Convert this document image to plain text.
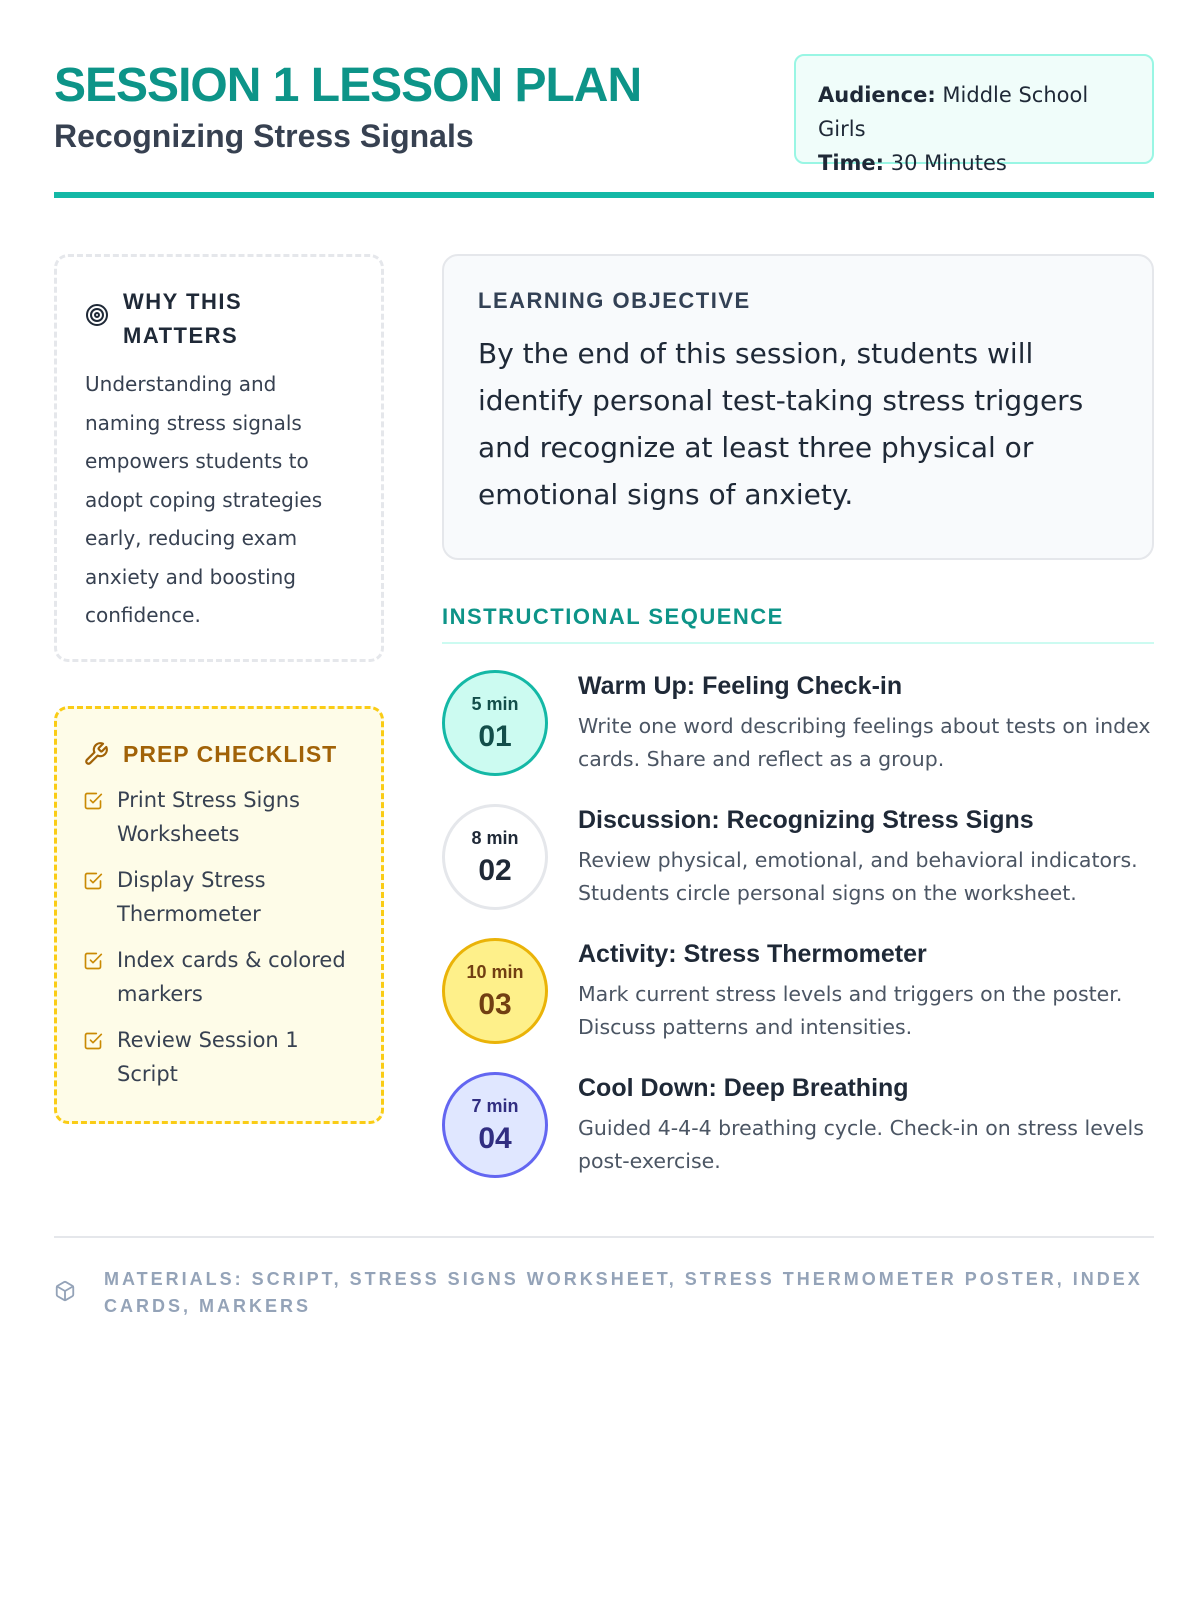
SESSION 1 LESSON PLAN
Recognizing Stress Signals
Audience: Middle School Girls
Time: 30 Minutes
WHY THIS MATTERS
Understanding and naming stress signals empowers students to adopt coping strategies early, reducing exam anxiety and boosting confidence.
PREP CHECKLIST
Print Stress Signs Worksheets
Display Stress Thermometer
Index cards & colored markers
Review Session 1 Script
LEARNING OBJECTIVE
By the end of this session, students will identify personal test-taking stress triggers and recognize at least three physical or emotional signs of anxiety.
INSTRUCTIONAL SEQUENCE
5 min
01
Warm Up: Feeling Check-in
Write one word describing feelings about tests on index cards. Share and reflect as a group.
8 min
02
Discussion: Recognizing Stress Signs
Review physical, emotional, and behavioral indicators. Students circle personal signs on the worksheet.
10 min
03
Activity: Stress Thermometer
Mark current stress levels and triggers on the poster. Discuss patterns and intensities.
7 min
04
Cool Down: Deep Breathing
Guided 4-4-4 breathing cycle. Check-in on stress levels post-exercise.
MATERIALS: SCRIPT, STRESS SIGNS WORKSHEET, STRESS THERMOMETER POSTER, INDEX CARDS, MARKERS
